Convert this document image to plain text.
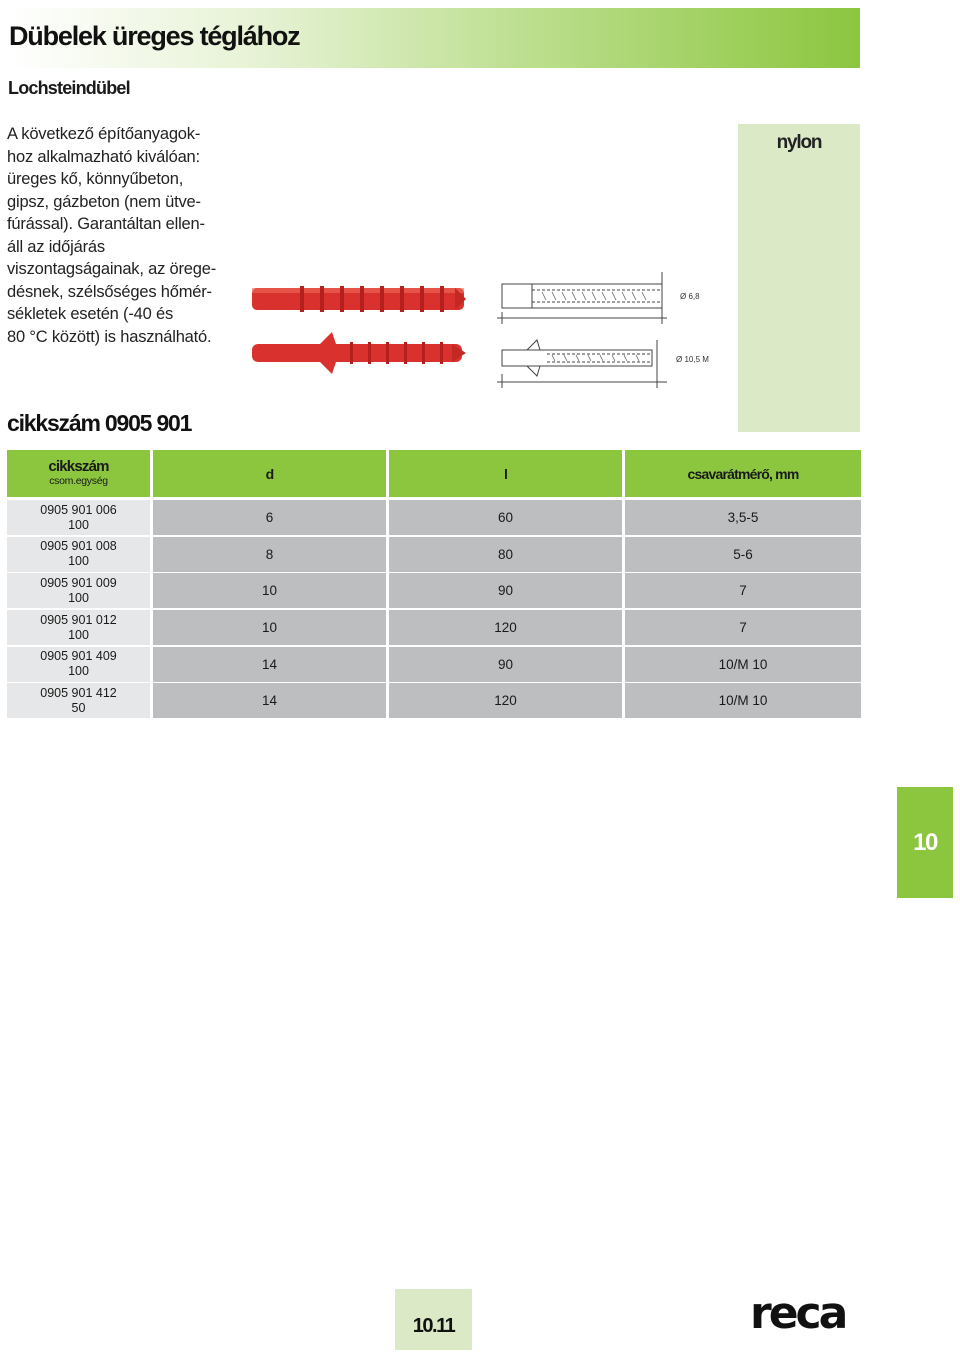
Dübelek üreges téglához
Lochsteindübel
A következő építőanyagok-
hoz alkalmazható kiválóan:
üreges kő, könnyűbeton,
gipsz, gázbeton (nem ütve-
fúrással). Garantáltan ellen-
áll az időjárás
viszontagságainak, az örege-
désnek, szélsőséges hőmér-
sékletek esetén (-40 és
80 °C között) is használható.
nylon
Ø 6,8
Ø 10,5 M
cikkszám 0905 901
cikkszám
csom.egység	d	l	csavarátmérő, mm
0905 901 006
100	6	60	3,5-5
0905 901 008
100	8	80	5-6
0905 901 009
100	10	90	7
0905 901 012
100	10	120	7
0905 901 409
100	14	90	10/M 10
0905 901 412
50	14	120	10/M 10
10
10.11	reca
